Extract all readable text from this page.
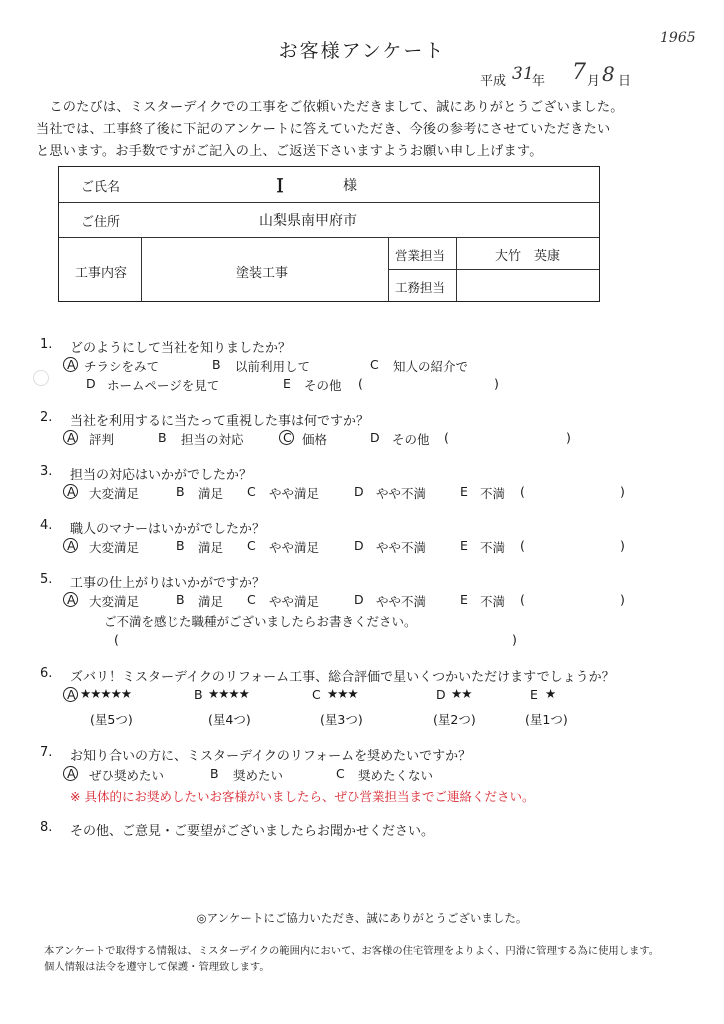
1965
お客様アンケート
平成 31
年 7 月 8 日
　このたびは、ミスターデイクでの工事をご依頼いただきまして、誠にありがとうございました。
当社では、工事終了後に下記のアンケートに答えていただき、今後の参考にさせていただきたい
と思います。お手数ですがご記入の上、ご返送下さいますようお願い申し上げます。
ご氏名	Ｉ	様
ご住所	山梨県南甲府市
工事内容	塗装工事
営業担当	大竹　英康
工務担当
1. どのようにして当社を知りましたか？
A チラシをみて	B 以前利用して	C 知人の紹介で
D ホームページを見て	E その他 (	)
2. 当社を利用するに当たって重視した事は何ですか？
A 評判	B 担当の対応	C 価格	D その他 (	)
3. 担当の対応はいかがでしたか？
A 大変満足	B 満足 C やや満足	D やや不満	E 不満 (	)
4. 職人のマナーはいかがでしたか？
A 大変満足	B 満足 C やや満足	D やや不満	E 不満 (	)
5. 工事の仕上がりはいかがですか？
A 大変満足	B 満足 C やや満足	D やや不満	E 不満 (	)
ご不満を感じた職種がございましたらお書きください。
(	)
6. ズバリ！ミスターデイクのリフォーム工事、総合評価で星いくつかいただけますでしょうか？
A ★★★★★
(星5つ)
B ★★★★
(星4つ)
C ★★★
(星3つ)
D ★★
(星2つ)
E ★
(星1つ)
7. お知り合いの方に、ミスターデイクのリフォームを奨めたいですか？
A ぜひ奨めたい	B 奨めたい	C 奨めたくない
※ 具体的にお奨めしたいお客様がいましたら、ぜひ営業担当までご連絡ください。
8. その他、ご意見・ご要望がございましたらお聞かせください。
◎アンケートにご協力いただき、誠にありがとうございました。
本アンケートで取得する情報は、ミスターデイクの範囲内において、お客様の住宅管理をよりよく、円滑に管理する為に使用します。
個人情報は法令を遵守して保護・管理致します。
